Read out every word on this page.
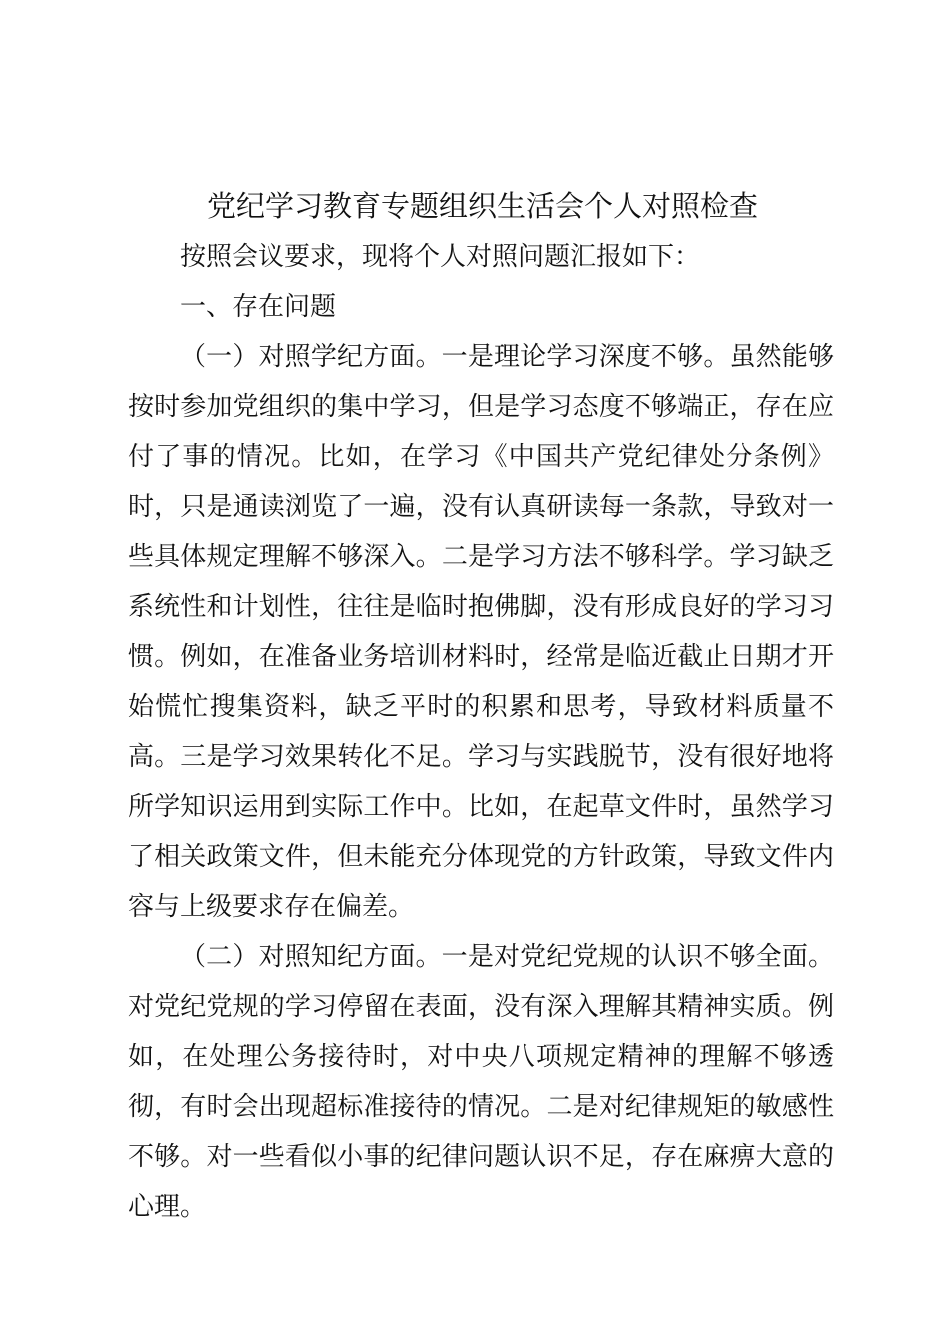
党纪学习教育专题组织生活会个人对照检查

按照会议要求，现将个人对照问题汇报如下：

一、存在问题

（一）对照学纪方面。一是理论学习深度不够。虽然能够按时参加党组织的集中学习，但是学习态度不够端正，存在应付了事的情况。比如，在学习《中国共产党纪律处分条例》时，只是通读浏览了一遍，没有认真研读每一条款，导致对一些具体规定理解不够深入。二是学习方法不够科学。学习缺乏系统性和计划性，往往是临时抱佛脚，没有形成良好的学习习惯。例如，在准备业务培训材料时，经常是临近截止日期才开始慌忙搜集资料，缺乏平时的积累和思考，导致材料质量不高。三是学习效果转化不足。学习与实践脱节，没有很好地将所学知识运用到实际工作中。比如，在起草文件时，虽然学习了相关政策文件，但未能充分体现党的方针政策，导致文件内容与上级要求存在偏差。

（二）对照知纪方面。一是对党纪党规的认识不够全面。对党纪党规的学习停留在表面，没有深入理解其精神实质。例如，在处理公务接待时，对中央八项规定精神的理解不够透彻，有时会出现超标准接待的情况。二是对纪律规矩的敏感性不够。对一些看似小事的纪律问题认识不足，存在麻痹大意的心理。
